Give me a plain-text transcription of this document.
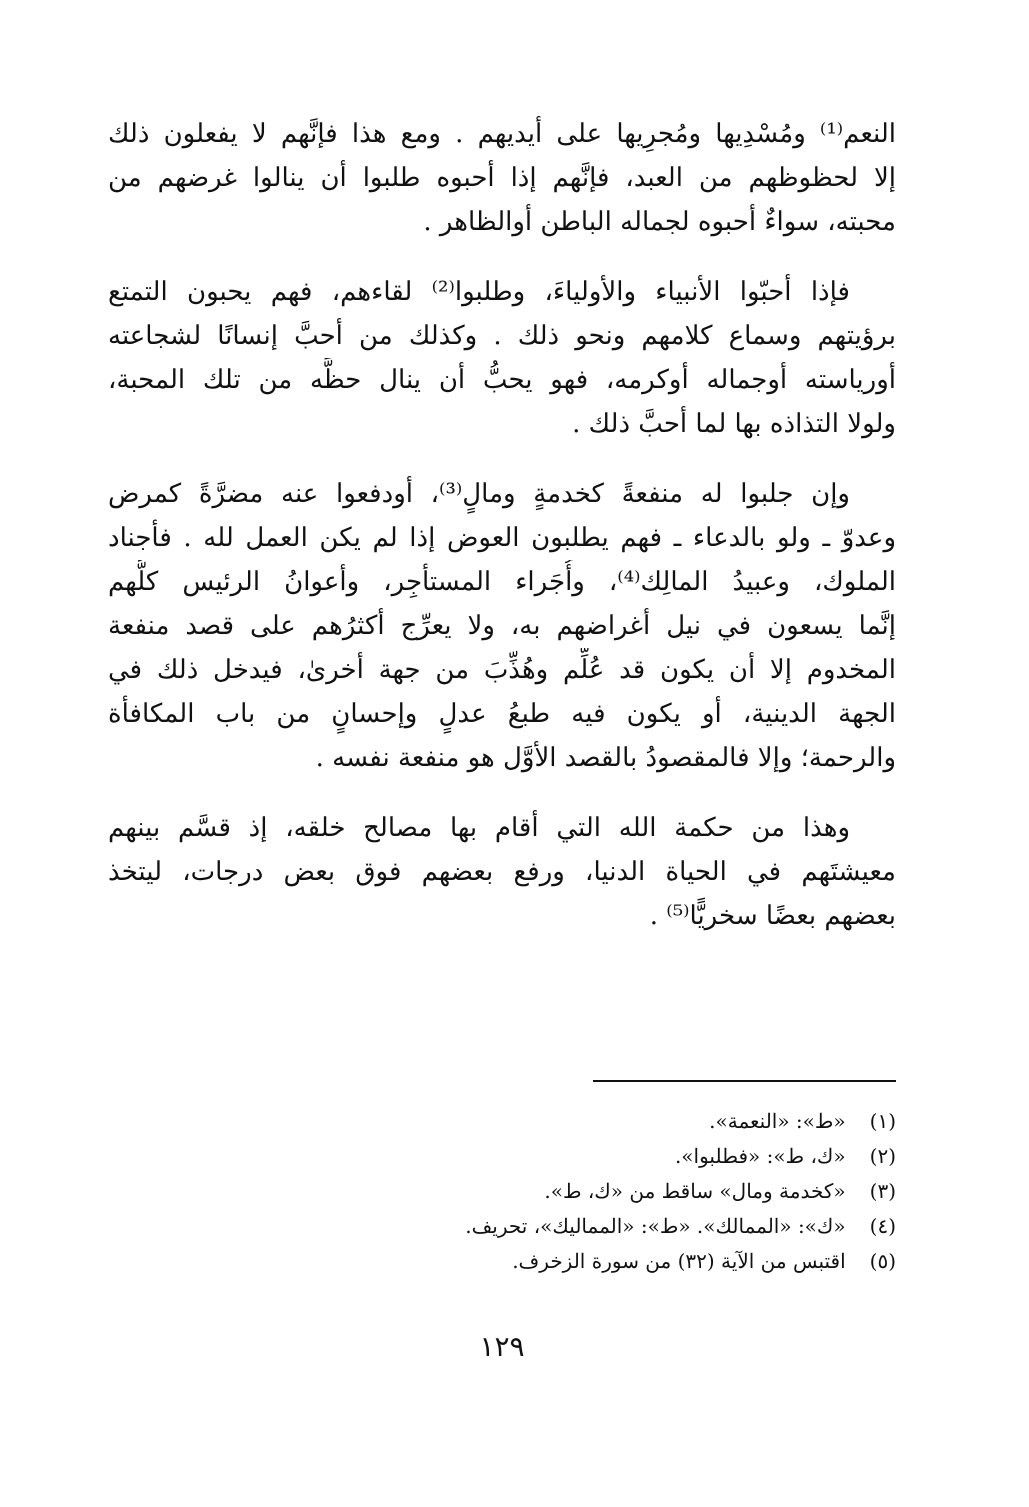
النعم⁽¹⁾ ومُسْدِيها ومُجرِيها على أيديهم . ومع هذا فإنَّهم لا يفعلون ذلك
إلا لحظوظهم من العبد، فإنَّهم إذا أحبوه طلبوا أن ينالوا غرضهم من
محبته، سواءٌ أحبوه لجماله الباطن أوالظاهر .

فإذا أحبّوا الأنبياء والأولياءَ، وطلبوا⁽²⁾ لقاءهم، فهم يحبون التمتع
برؤيتهم وسماع كلامهم ونحو ذلك . وكذلك من أحبَّ إنسانًا لشجاعته
أورياسته أوجماله أوكرمه، فهو يحبُّ أن ينال حظَّه من تلك المحبة،
ولولا التذاذه بها لما أحبَّ ذلك .

وإن جلبوا له منفعةً كخدمةٍ ومالٍ⁽³⁾، أودفعوا عنه مضرَّةً كمرض
وعدوّ ـ ولو بالدعاء ـ فهم يطلبون العوض إذا لم يكن العمل لله . فأجناد
الملوك، وعبيدُ المالِك⁽⁴⁾، وأُجَراء المستأجِر، وأعوانُ الرئيس كلُّهم
إنَّما يسعون في نيل أغراضهم به، ولا يعرِّج أكثرُهم على قصد منفعة
المخدوم إلا أن يكون قد عُلِّم وهُذِّبَ من جهة أخرىٰ، فيدخل ذلك في
الجهة الدينية، أو يكون فيه طبعُ عدلٍ وإحسانٍ من باب المكافأة
والرحمة؛ وإلا فالمقصودُ بالقصد الأوَّل هو منفعة نفسه .

وهذا من حكمة الله التي أقام بها مصالح خلقه، إذ قسَّم بينهم
معيشتَهم في الحياة الدنيا، ورفع بعضهم فوق بعض درجات، ليتخذ
بعضهم بعضًا سخريًّا⁽⁵⁾ .

(١) «ط»: «النعمة».
(٢) «ك، ط»: «فطلبوا».
(٣) «كخدمة ومال» ساقط من «ك، ط».
(٤) «ك»: «الممالك». «ط»: «المماليك»، تحريف.
(٥) اقتبس من الآية (٣٢) من سورة الزخرف.
١٢٩
